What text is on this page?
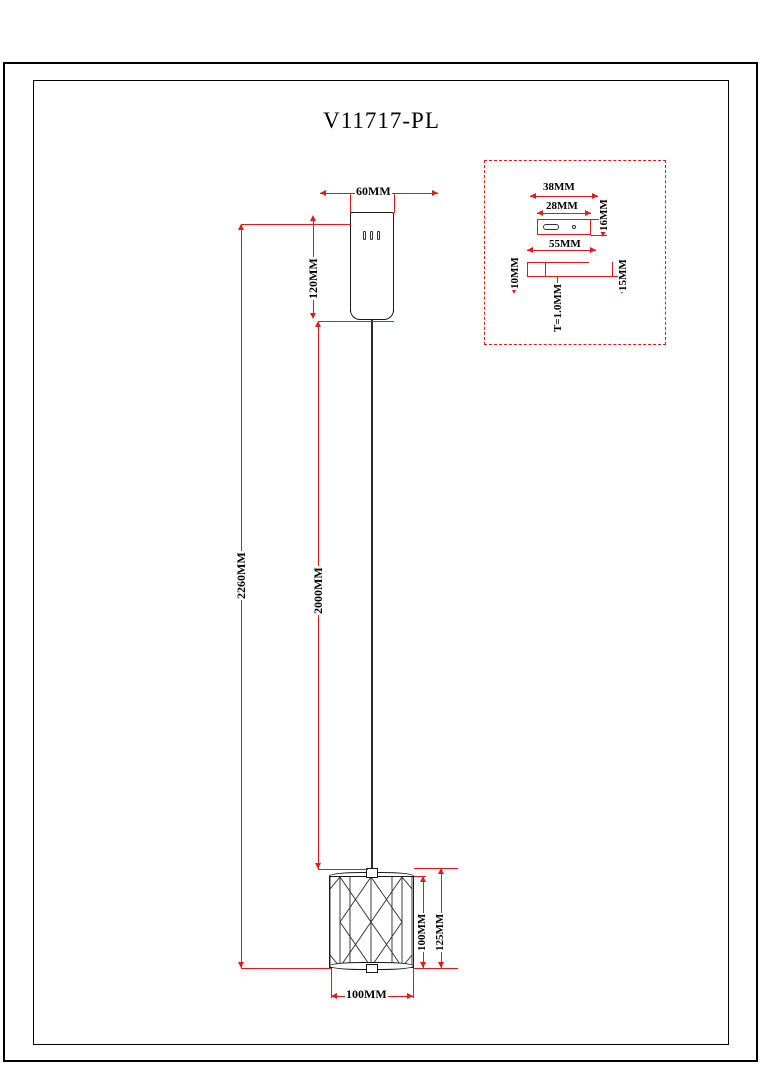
V11717-PL
60MM
120MM
2260MM	2000MM
100MM 125MM
100MM
38MM
28MM 16MM
55MM
10MM	15MM
T=1.0MM
